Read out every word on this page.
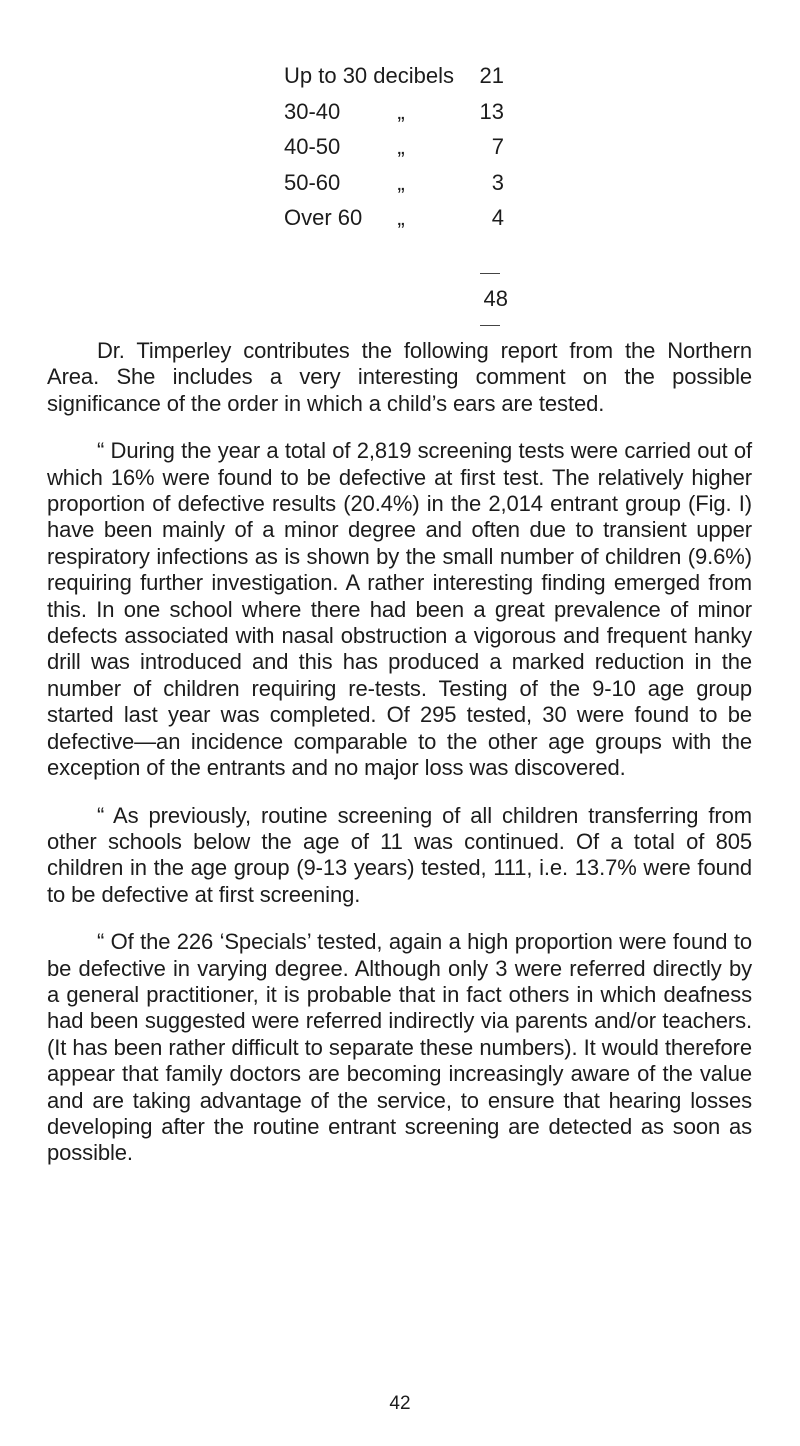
Up to 30 decibels	21
30-40	„	13
40-50	„	7
50-60	„	3
Over 60 „	4
48

Dr. Timperley contributes the following report from the Northern Area. She includes a very interesting comment on the possible significance of the order in which a child’s ears are tested.

“ During the year a total of 2,819 screening tests were carried out of which 16% were found to be defective at first test. The relatively higher proportion of defective results (20.4%) in the 2,014 entrant group (Fig. I) have been mainly of a minor degree and often due to transient upper respiratory infections as is shown by the small number of children (9.6%) requiring further investigation. A rather interesting finding emerged from this. In one school where there had been a great prevalence of minor defects associated with nasal obstruction a vigorous and frequent hanky drill was introduced and this has produced a marked reduction in the number of children requiring re-tests. Testing of the 9-10 age group started last year was completed. Of 295 tested, 30 were found to be defective—an incidence comparable to the other age groups with the exception of the entrants and no major loss was discovered.

“ As previously, routine screening of all children transferring from other schools below the age of 11 was continued. Of a total of 805 children in the age group (9-13 years) tested, 111, i.e. 13.7% were found to be defective at first screening.

“ Of the 226 ‘Specials’ tested, again a high proportion were found to be defective in varying degree. Although only 3 were referred directly by a general practitioner, it is probable that in fact others in which deafness had been suggested were referred indirectly via parents and/or teachers. (It has been rather difficult to separate these numbers). It would therefore appear that family doctors are becoming increasingly aware of the value and are taking advantage of the service, to ensure that hearing losses developing after the routine entrant screening are detected as soon as possible.

42
